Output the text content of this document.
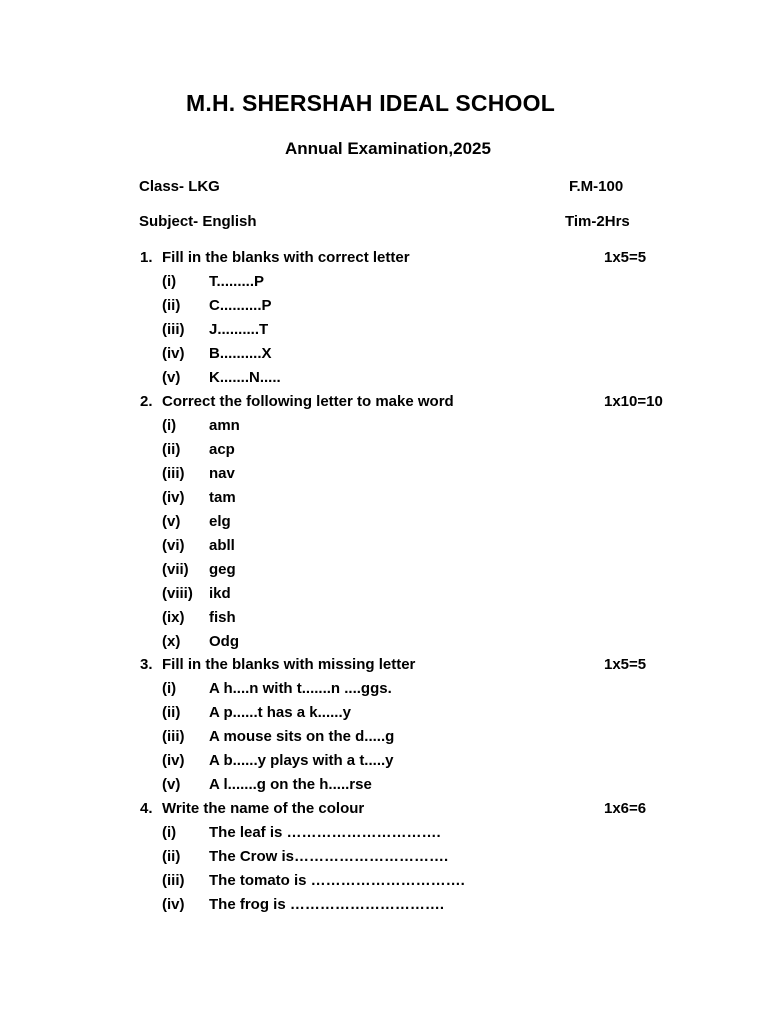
M.H. SHERSHAH IDEAL SCHOOL
Annual Examination,2025
Class- LKG	F.M-100
Subject- English	Tim-2Hrs
1. Fill in the blanks with correct letter	1x5=5
(i) T.........P
(ii) C..........P
(iii) J..........T
(iv) B..........X
(v) K.......N.....
2. Correct the following letter to make word	1x10=10
(i) amn
(ii) acp
(iii) nav
(iv) tam
(v) elg
(vi) abll
(vii) geg
(viii) ikd
(ix) fish
(x) Odg
3. Fill in the blanks with missing letter	1x5=5
(i) A h....n with t.......n ....ggs.
(ii) A p......t has a k......y
(iii) A mouse sits on the d.....g
(iv) A b......y plays with a t.....y
(v) A l.......g on the h.....rse
4. Write the name of the colour	1x6=6
(i) The leaf is ………………………….
(ii) The Crow is………………………….
(iii) The tomato is ………………………….
(iv) The frog is ………………………….
